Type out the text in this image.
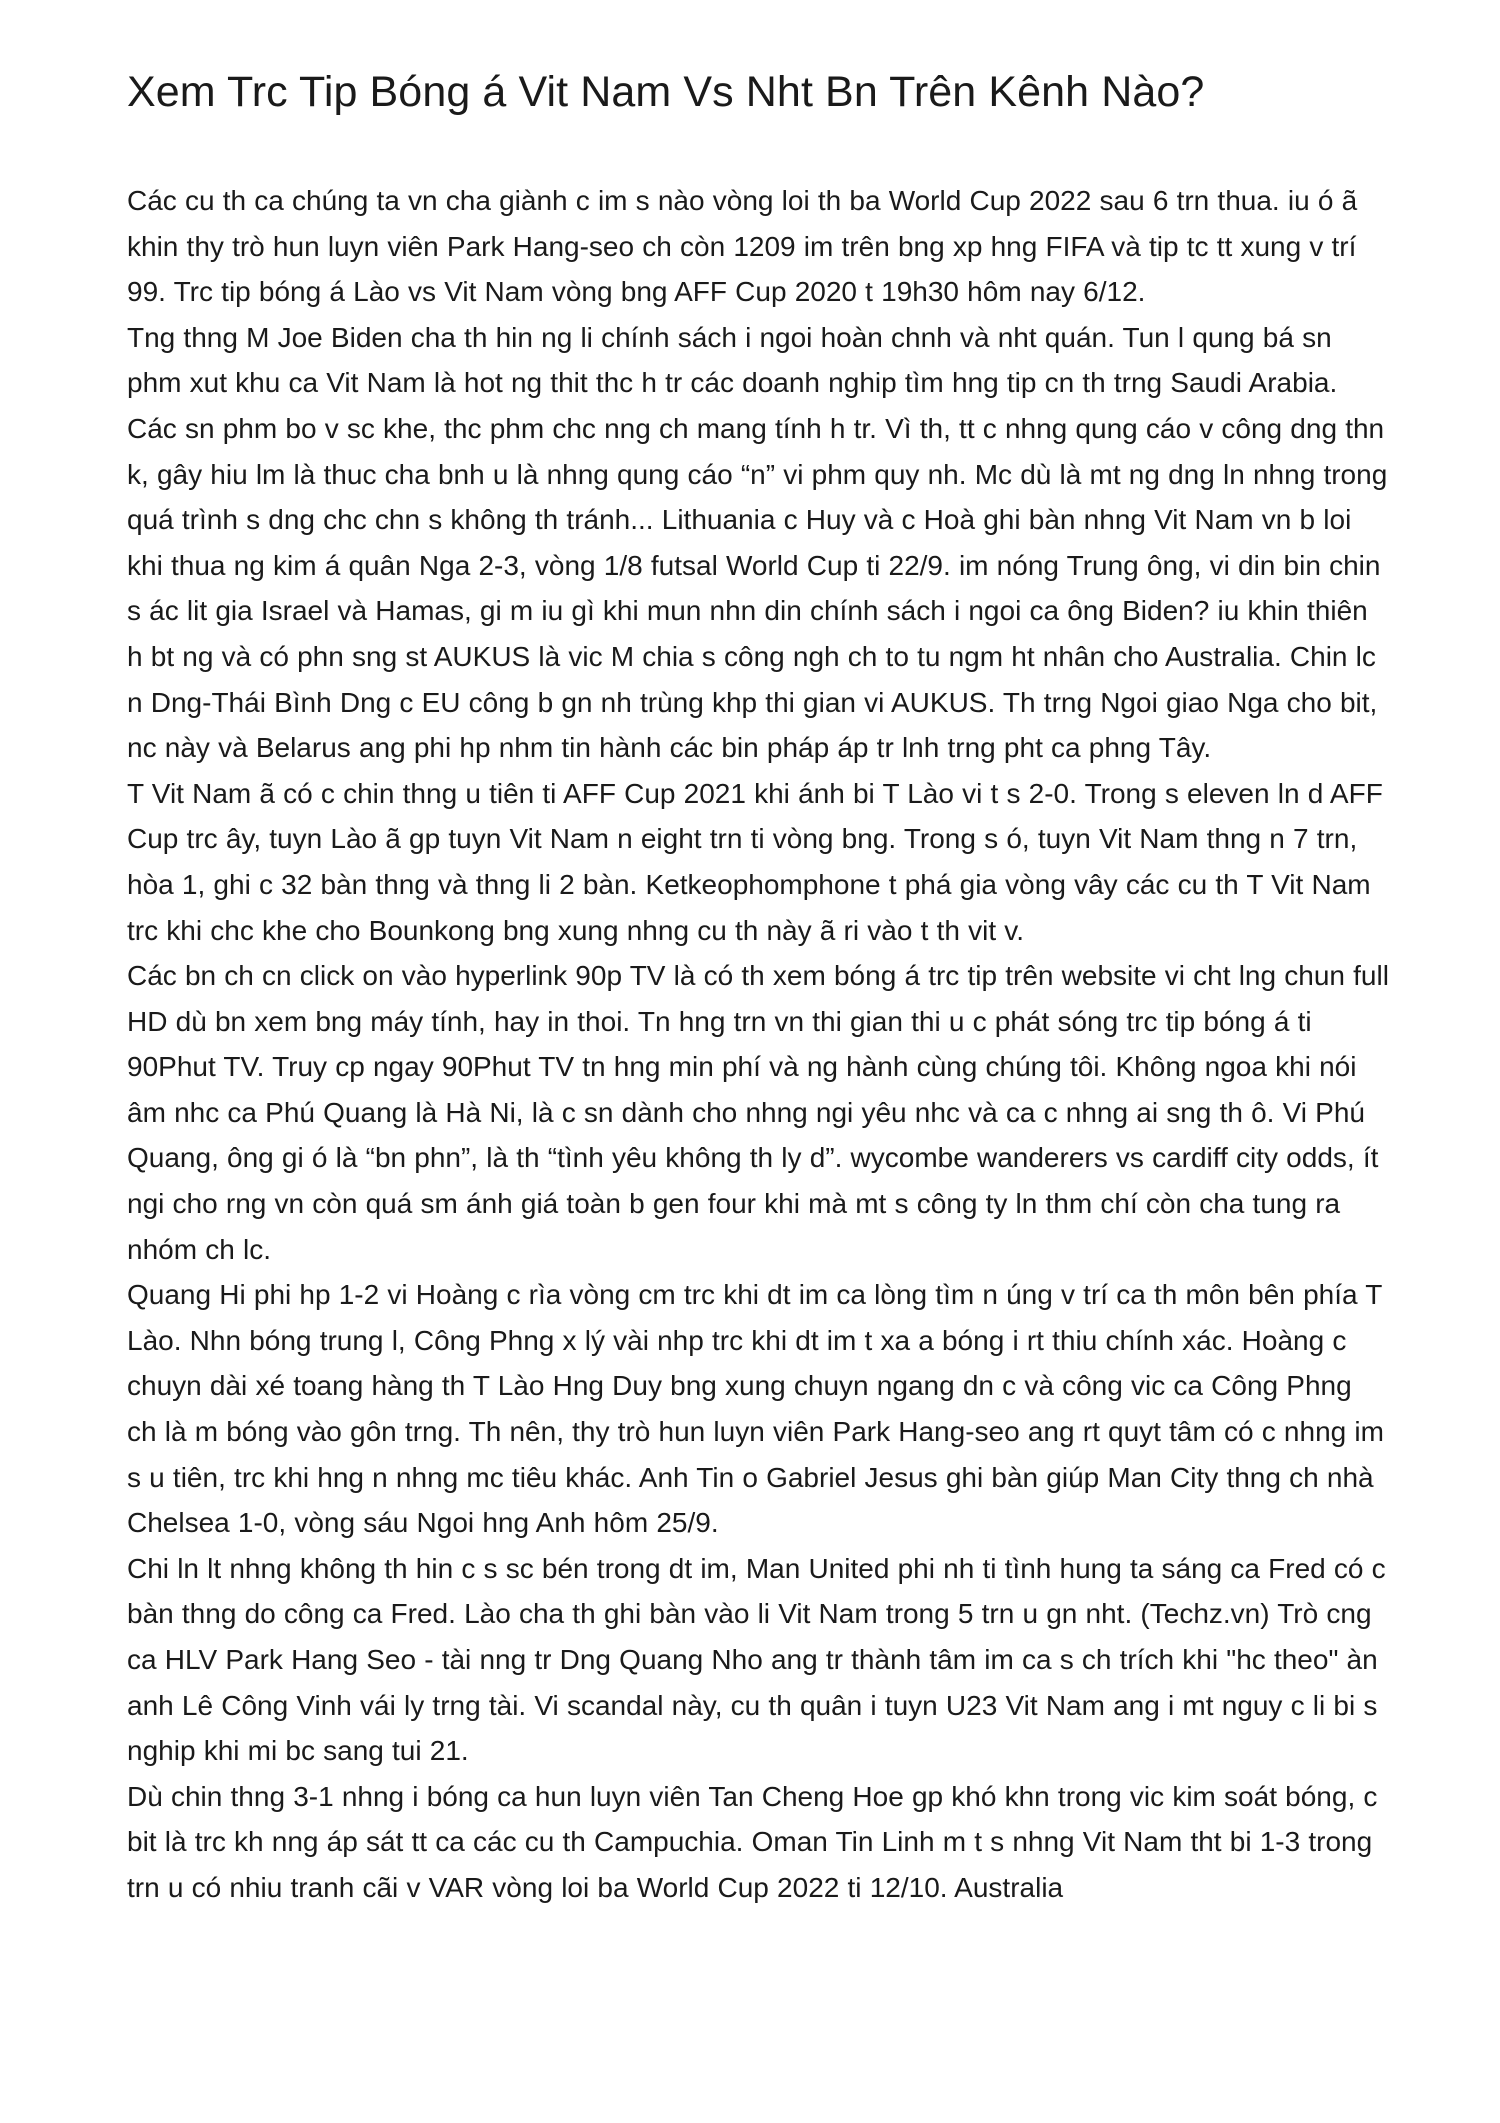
Xem Trc Tip Bóng á Vit Nam Vs Nht Bn Trên Kênh Nào?

Các cu th ca chúng ta vn cha giành c im s nào vòng loi th ba World Cup 2022 sau 6 trn thua. iu ó ã khin thy trò hun luyn viên Park Hang-seo ch còn 1209 im trên bng xp hng FIFA và tip tc tt xung v trí 99. Trc tip bóng á Lào vs Vit Nam vòng bng AFF Cup 2020 t 19h30 hôm nay 6/12.

Tng thng M Joe Biden cha th hin ng li chính sách i ngoi hoàn chnh và nht quán. Tun l qung bá sn phm xut khu ca Vit Nam là hot ng thit thc h tr các doanh nghip tìm hng tip cn th trng Saudi Arabia. Các sn phm bo v sc khe, thc phm chc nng ch mang tính h tr. Vì th, tt c nhng qung cáo v công dng thn k, gây hiu lm là thuc cha bnh u là nhng qung cáo “n” vi phm quy nh. Mc dù là mt ng dng ln nhng trong quá trình s dng chc chn s không th tránh... Lithuania c Huy và c Hoà ghi bàn nhng Vit Nam vn b loi khi thua ng kim á quân Nga 2-3, vòng 1/8 futsal World Cup ti 22/9. im nóng Trung ông, vi din bin chin s ác lit gia Israel và Hamas, gi m iu gì khi mun nhn din chính sách i ngoi ca ông Biden? iu khin thiên h bt ng và có phn sng st AUKUS là vic M chia s công ngh ch to tu ngm ht nhân cho Australia. Chin lc n Dng-Thái Bình Dng c EU công b gn nh trùng khp thi gian vi AUKUS. Th trng Ngoi giao Nga cho bit, nc này và Belarus ang phi hp nhm tin hành các bin pháp áp tr lnh trng pht ca phng Tây.

T Vit Nam ã có c chin thng u tiên ti AFF Cup 2021 khi ánh bi T Lào vi t s 2-0. Trong s eleven ln d AFF Cup trc ây, tuyn Lào ã gp tuyn Vit Nam n eight trn ti vòng bng. Trong s ó, tuyn Vit Nam thng n 7 trn, hòa 1, ghi c 32 bàn thng và thng li 2 bàn. Ketkeophomphone t phá gia vòng vây các cu th T Vit Nam trc khi chc khe cho Bounkong bng xung nhng cu th này ã ri vào t th vit v.

Các bn ch cn click on vào hyperlink 90p TV là có th xem bóng á trc tip trên website vi cht lng chun full HD dù bn xem bng máy tính, hay in thoi. Tn hng trn vn thi gian thi u c phát sóng trc tip bóng á ti 90Phut TV. Truy cp ngay 90Phut TV tn hng min phí và ng hành cùng chúng tôi. Không ngoa khi nói âm nhc ca Phú Quang là Hà Ni, là c sn dành cho nhng ngi yêu nhc và ca c nhng ai sng th ô. Vi Phú Quang, ông gi ó là “bn phn”, là th “tình yêu không th ly d”. wycombe wanderers vs cardiff city odds, ít ngi cho rng vn còn quá sm ánh giá toàn b gen four khi mà mt s công ty ln thm chí còn cha tung ra nhóm ch lc.

Quang Hi phi hp 1-2 vi Hoàng c rìa vòng cm trc khi dt im ca lòng tìm n úng v trí ca th môn bên phía T Lào. Nhn bóng trung l, Công Phng x lý vài nhp trc khi dt im t xa a bóng i rt thiu chính xác. Hoàng c chuyn dài xé toang hàng th T Lào Hng Duy bng xung chuyn ngang dn c và công vic ca Công Phng ch là m bóng vào gôn trng. Th nên, thy trò hun luyn viên Park Hang-seo ang rt quyt tâm có c nhng im s u tiên, trc khi hng n nhng mc tiêu khác. Anh Tin o Gabriel Jesus ghi bàn giúp Man City thng ch nhà Chelsea 1-0, vòng sáu Ngoi hng Anh hôm 25/9.

Chi ln lt nhng không th hin c s sc bén trong dt im, Man United phi nh ti tình hung ta sáng ca Fred có c bàn thng do công ca Fred. Lào cha th ghi bàn vào li Vit Nam trong 5 trn u gn nht. (Techz.vn) Trò cng ca HLV Park Hang Seo - tài nng tr Dng Quang Nho ang tr thành tâm im ca s ch trích khi "hc theo" àn anh Lê Công Vinh vái ly trng tài. Vi scandal này, cu th quân i tuyn U23 Vit Nam ang i mt nguy c li bi s nghip khi mi bc sang tui 21.

Dù chin thng 3-1 nhng i bóng ca hun luyn viên Tan Cheng Hoe gp khó khn trong vic kim soát bóng, c bit là trc kh nng áp sát tt ca các cu th Campuchia. Oman Tin Linh m t s nhng Vit Nam tht bi 1-3 trong trn u có nhiu tranh cãi v VAR vòng loi ba World Cup 2022 ti 12/10. Australia
